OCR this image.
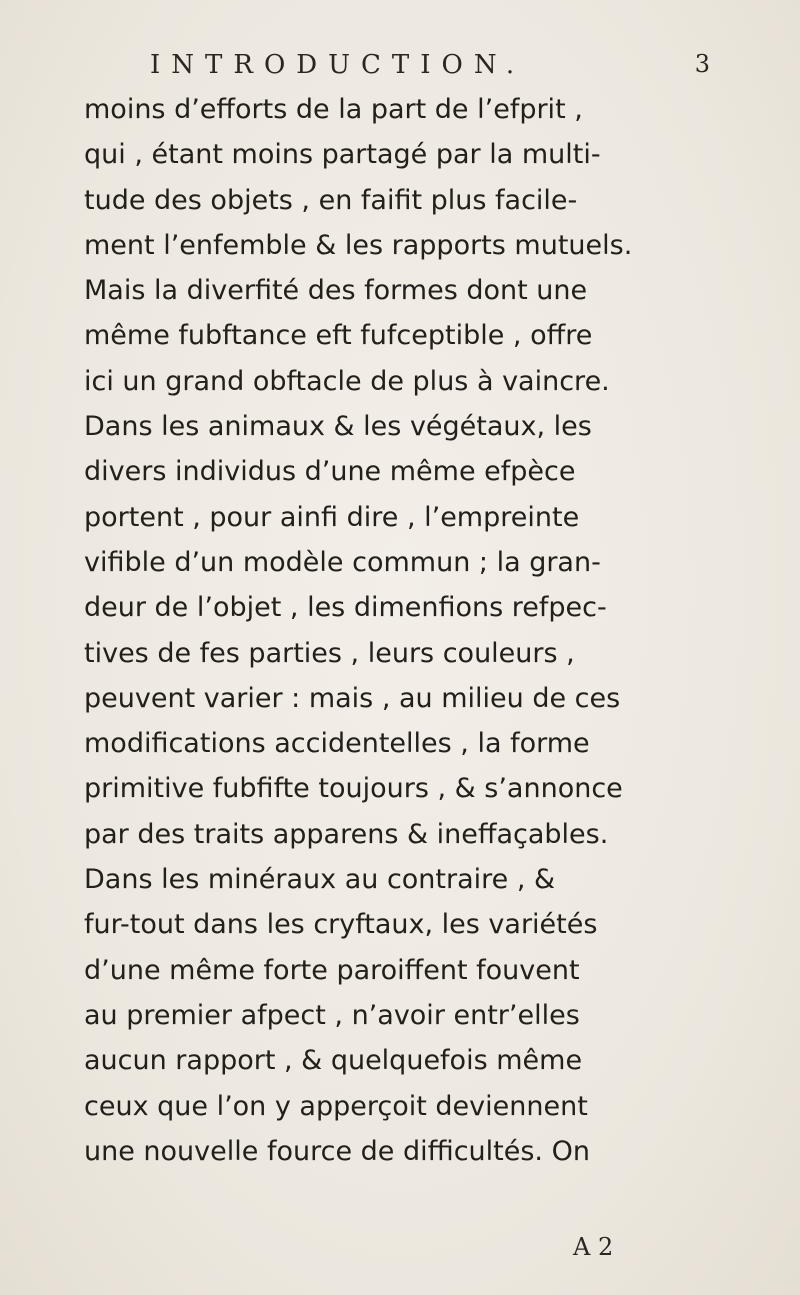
INTRODUCTION.	3
moins d’efforts de la part de l’efprit ,
qui , étant moins partagé par la multi-
tude des objets , en faifit plus facile-
ment l’enfemble & les rapports mutuels.
Mais la diverfité des formes dont une
même fubftance eft fufceptible , offre
ici un grand obftacle de plus à vaincre.
Dans les animaux & les végétaux, les
divers individus d’une même efpèce
portent , pour ainfi dire , l’empreinte
vifible d’un modèle commun ; la gran-
deur de l’objet , les dimenfions refpec-
tives de fes parties , leurs couleurs ,
peuvent varier : mais , au milieu de ces
modifications accidentelles , la forme
primitive fubfifte toujours , & s’annonce
par des traits apparens & ineffaçables.
Dans les minéraux au contraire , &
fur-tout dans les cryftaux, les variétés
d’une même forte paroiffent fouvent
au premier afpect , n’avoir entr’elles
aucun rapport , & quelquefois même
ceux que l’on y apperçoit deviennent
une nouvelle fource de difficultés. On
A 2
